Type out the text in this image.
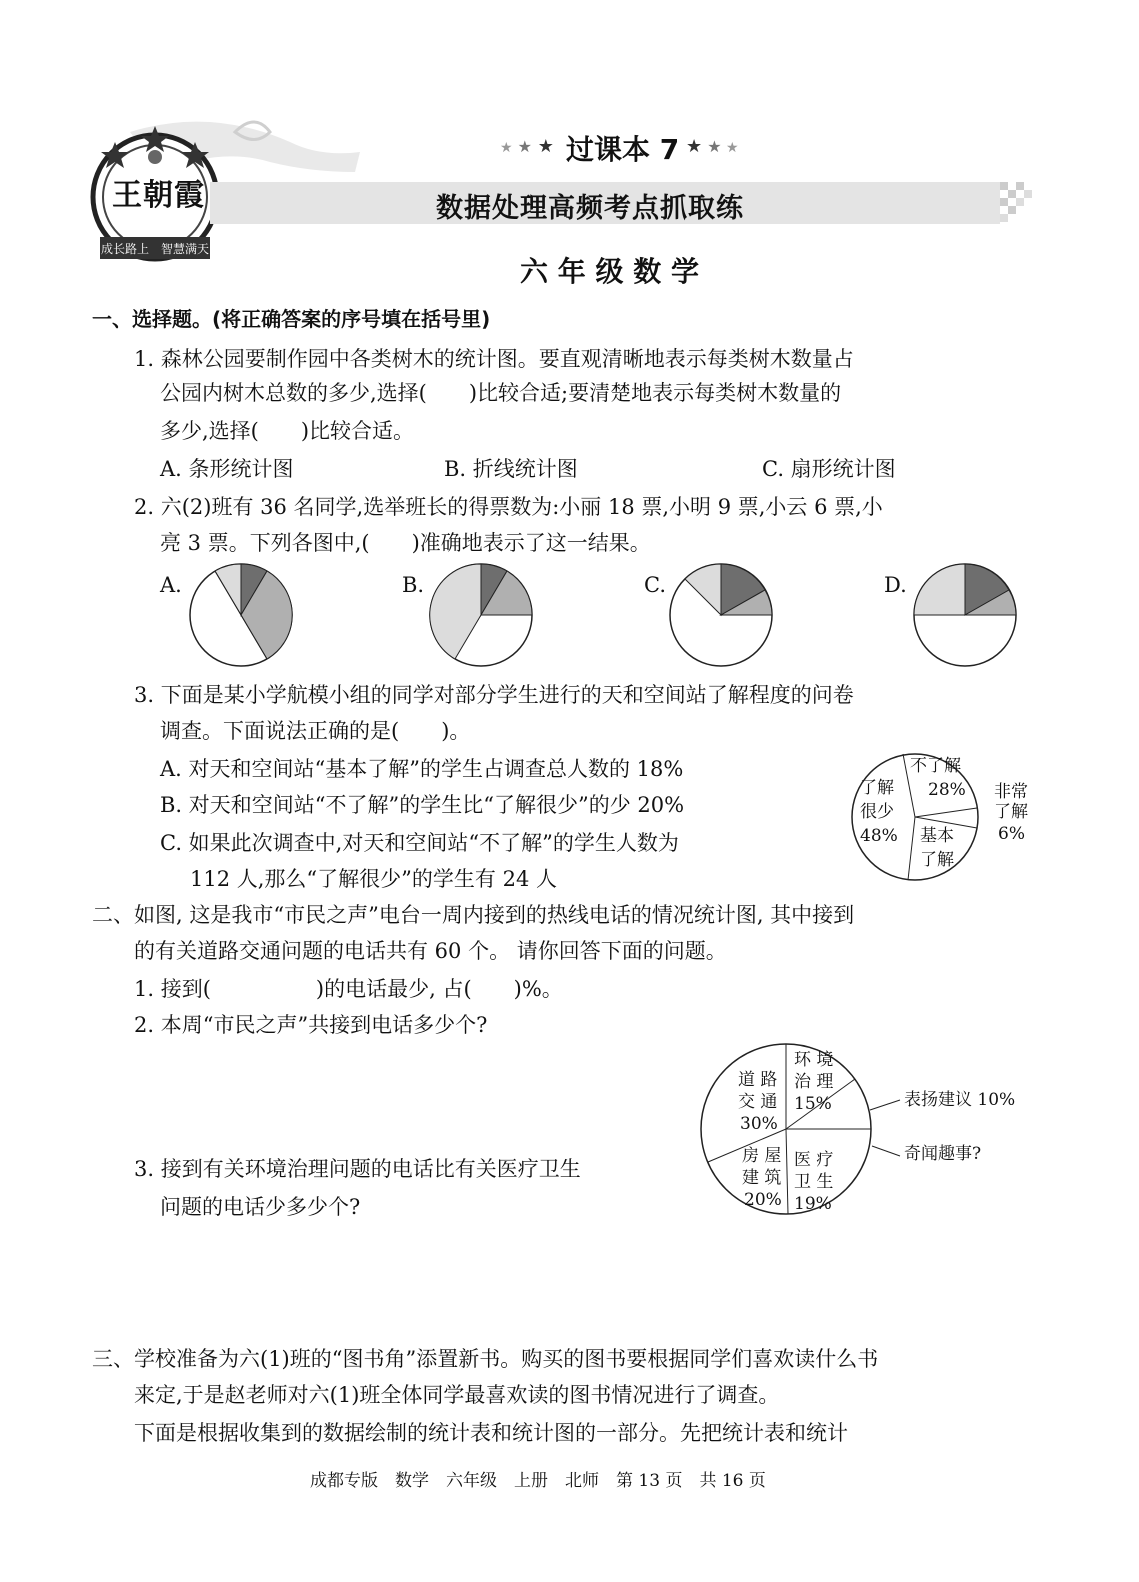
成长路上　智慧满天
王朝霞
★ ★ ★ 过课本 7 ★ ★ ★
数据处理高频考点抓取练
六 年 级 数 学
一、选择题。(将正确答案的序号填在括号里)
1. 森林公园要制作园中各类树木的统计图。要直观清晰地表示每类树木数量占
公园内树木总数的多少,选择(　　)比较合适;要清楚地表示每类树木数量的
多少,选择(　　)比较合适。
A. 条形统计图	B. 折线统计图	C. 扇形统计图
2. 六(2)班有 36 名同学,选举班长的得票数为:小丽 18 票,小明 9 票,小云 6 票,小
亮 3 票。下列各图中,(　　)准确地表示了这一结果。
A.	B.	C.	D.
3. 下面是某小学航模小组的同学对部分学生进行的天和空间站了解程度的问卷
调查。下面说法正确的是(　　)。
A. 对天和空间站“基本了解”的学生占调查总人数的 18%
B. 对天和空间站“不了解”的学生比“了解很少”的少 20%
C. 如果此次调查中,对天和空间站“不了解”的学生人数为
112 人,那么“了解很少”的学生有 24 人
不了解
28% 非常
了解
6%
基本
了解
了解
很少
48%
二、如图, 这是我市“市民之声”电台一周内接到的热线电话的情况统计图, 其中接到
的有关道路交通问题的电话共有 60 个。 请你回答下面的问题。
1. 接到(　　　　　)的电话最少, 占(　　)%。
2. 本周“市民之声”共接到电话多少个?
3. 接到有关环境治理问题的电话比有关医疗卫生
问题的电话少多少个?
道 路
交 通
30%
环 境
治 理
15%	表扬建议 10%
奇闻趣事?
医 疗
卫 生
19%
房 屋
建 筑
20%
三、学校准备为六(1)班的“图书角”添置新书。购买的图书要根据同学们喜欢读什么书
来定,于是赵老师对六(1)班全体同学最喜欢读的图书情况进行了调查。
下面是根据收集到的数据绘制的统计表和统计图的一部分。先把统计表和统计
成都专版　数学　六年级　上册　北师　第 13 页　共 16 页
